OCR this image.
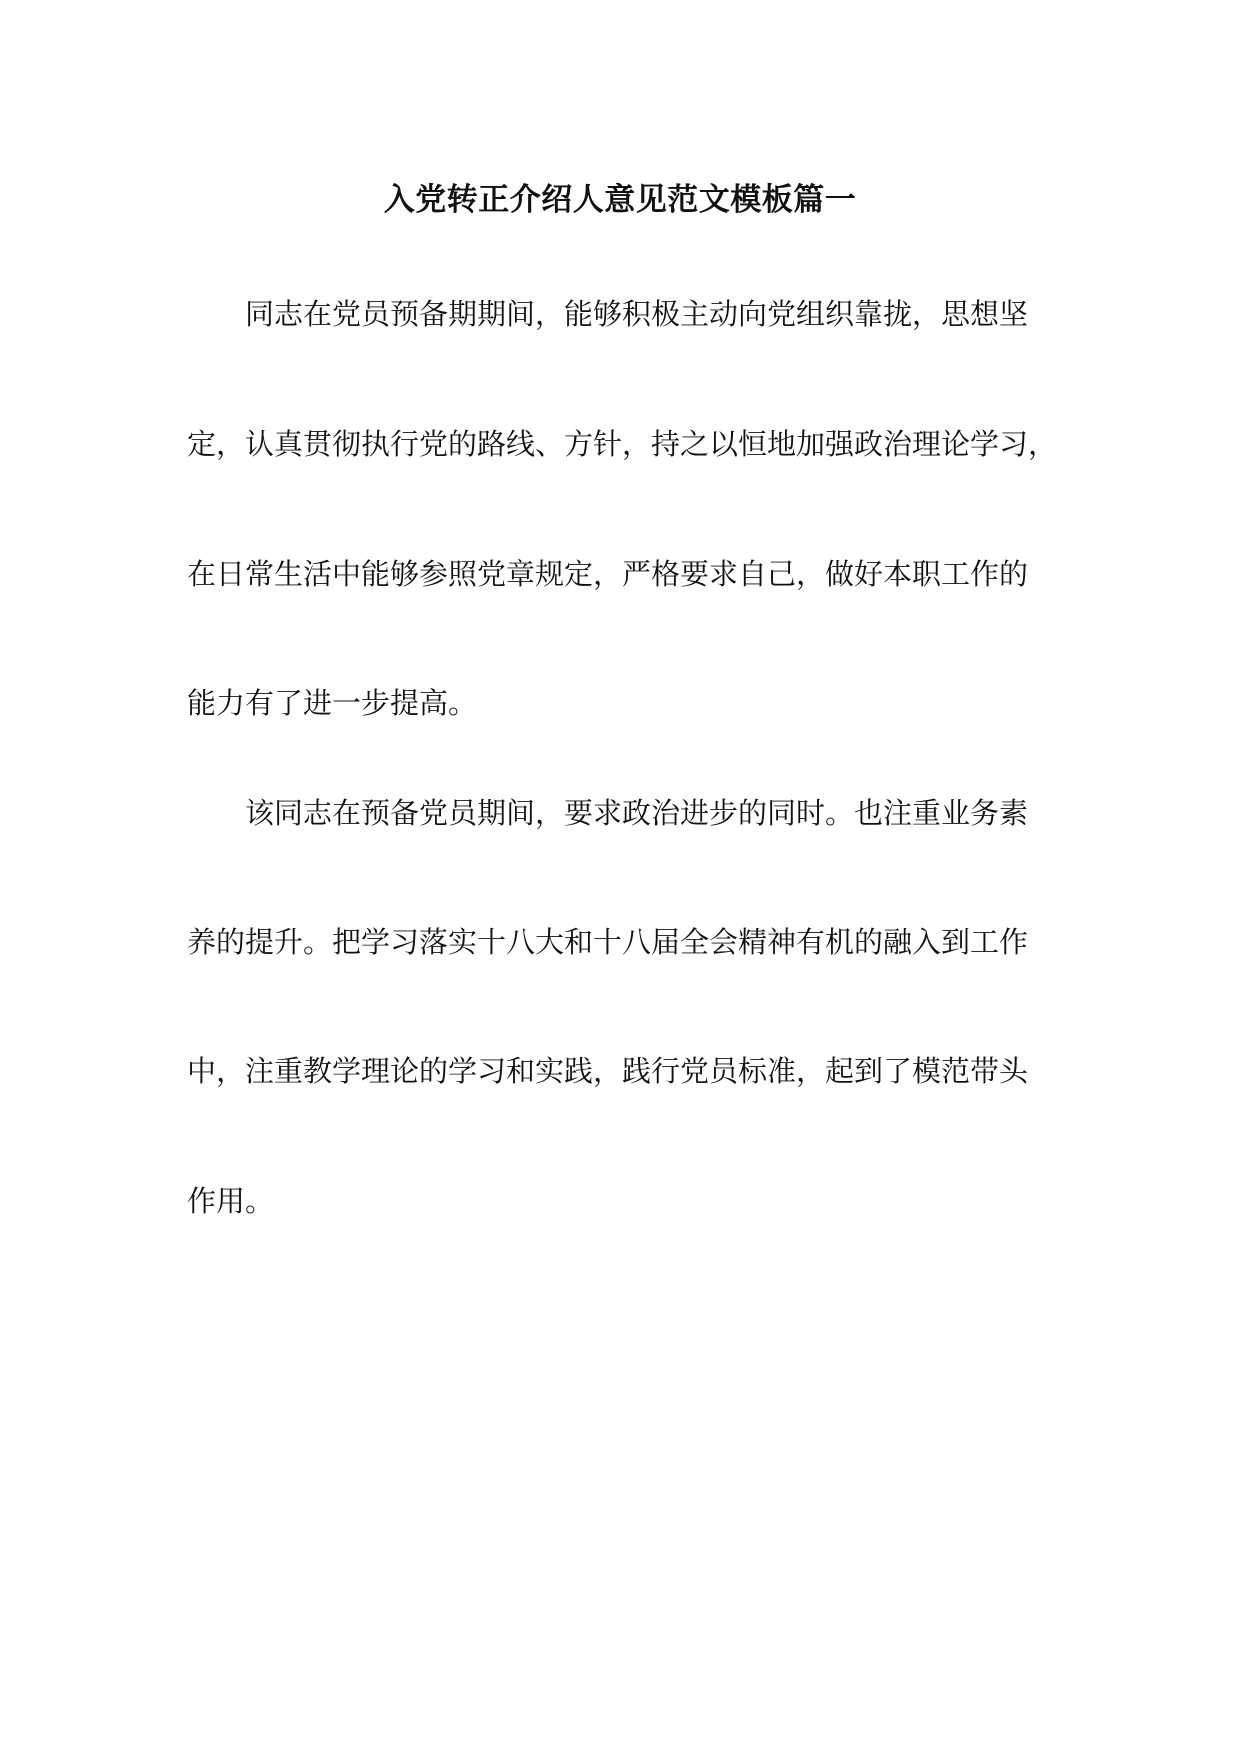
入党转正介绍人意见范文模板篇一

同志在党员预备期期间，能够积极主动向党组织靠拢，思想坚

定，认真贯彻执行党的路线、方针，持之以恒地加强政治理论学习，

在日常生活中能够参照党章规定，严格要求自己，做好本职工作的

能力有了进一步提高。

该同志在预备党员期间，要求政治进步的同时。也注重业务素

养的提升。把学习落实十八大和十八届全会精神有机的融入到工作

中，注重教学理论的学习和实践，践行党员标准，起到了模范带头

作用。
